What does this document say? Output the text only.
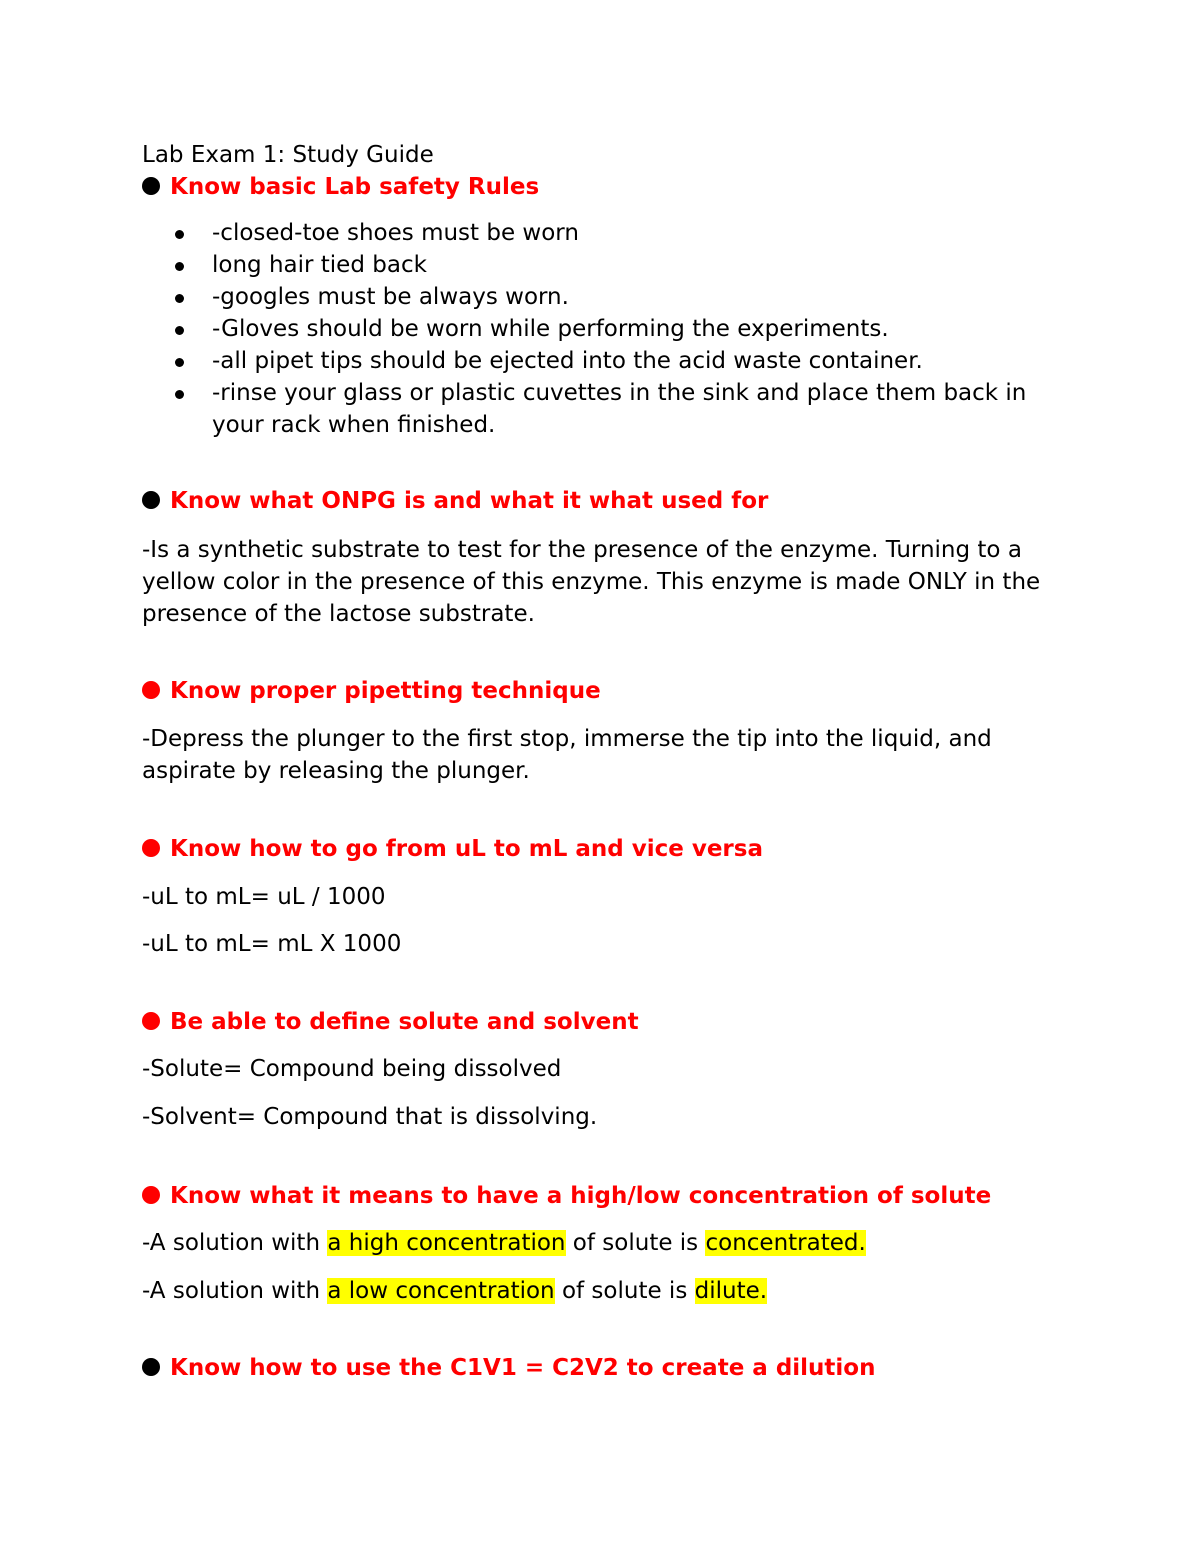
Lab Exam 1: Study Guide
Know basic Lab safety Rules
-closed-toe shoes must be worn
long hair tied back
-googles must be always worn.
-Gloves should be worn while performing the experiments.
-all pipet tips should be ejected into the acid waste container.
-rinse your glass or plastic cuvettes in the sink and place them back in your rack when finished.
Know what ONPG is and what it what used for
-Is a synthetic substrate to test for the presence of the enzyme. Turning to a yellow color in the presence of this enzyme. This enzyme is made ONLY in the presence of the lactose substrate.
Know proper pipetting technique
-Depress the plunger to the first stop, immerse the tip into the liquid, and aspirate by releasing the plunger.
Know how to go from uL to mL and vice versa
-uL to mL= uL / 1000
-uL to mL= mL X 1000
Be able to define solute and solvent
-Solute= Compound being dissolved
-Solvent= Compound that is dissolving.
Know what it means to have a high/low concentration of solute
-A solution with a high concentration of solute is concentrated.
-A solution with a low concentration of solute is dilute.
Know how to use the C1V1 = C2V2 to create a dilution
